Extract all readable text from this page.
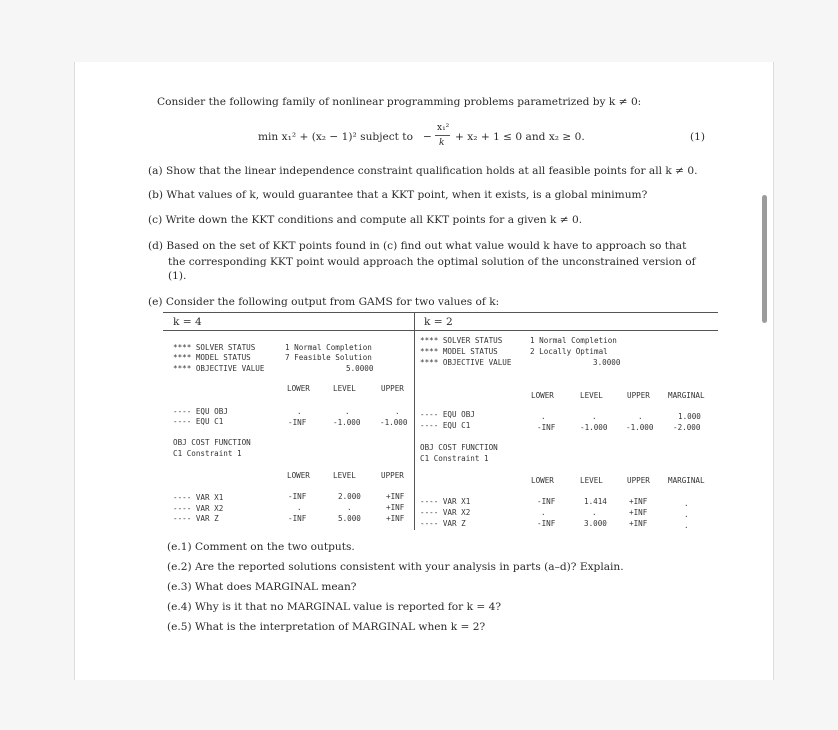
Consider the following family of nonlinear programming problems parametrized by k ≠ 0:
min x₁² + (x₂ − 1)² subject to −
x₁²
k + x₂ + 1 ≤ 0 and x₂ ≥ 0.	(1)
(a) Show that the linear independence constraint qualification holds at all feasible points for all k ≠ 0.
(b) What values of k, would guarantee that a KKT point, when it exists, is a global minimum?
(c) Write down the KKT conditions and compute all KKT points for a given k ≠ 0.
(d) Based on the set of KKT points found in (c) find out what value would k have to approach so that
the corresponding KKT point would approach the optimal solution of the unconstrained version of
(1).
(e) Consider the following output from GAMS for two values of k:
k = 4	k = 2
**** SOLVER STATUS	1 Normal Completion
**** MODEL STATUS	7 Feasible Solution
**** OBJECTIVE VALUE	5.0000
LOWER	LEVEL	UPPER
---- EQU OBJ	.	.	.
---- EQU C1	-INF	-1.000	-1.000
OBJ COST FUNCTION
C1 Constraint 1
LOWER	LEVEL	UPPER
---- VAR X1	-INF	2.000	+INF
---- VAR X2	.	.	+INF
---- VAR Z	-INF	5.000	+INF
**** SOLVER STATUS	1 Normal Completion
**** MODEL STATUS	2 Locally Optimal
**** OBJECTIVE VALUE	3.0000
LOWER	LEVEL	UPPER MARGINAL
---- EQU OBJ	.	.	.	1.000
---- EQU C1	-INF	-1.000 -1.000	-2.000
OBJ COST FUNCTION
C1 Constraint 1
LOWER	LEVEL	UPPER MARGINAL
---- VAR X1	-INF	1.414	+INF	.
---- VAR X2	.	.	+INF	.
---- VAR Z	-INF	3.000	+INF	.
(e.1) Comment on the two outputs.
(e.2) Are the reported solutions consistent with your analysis in parts (a–d)? Explain.
(e.3) What does MARGINAL mean?
(e.4) Why is it that no MARGINAL value is reported for k = 4?
(e.5) What is the interpretation of MARGINAL when k = 2?
